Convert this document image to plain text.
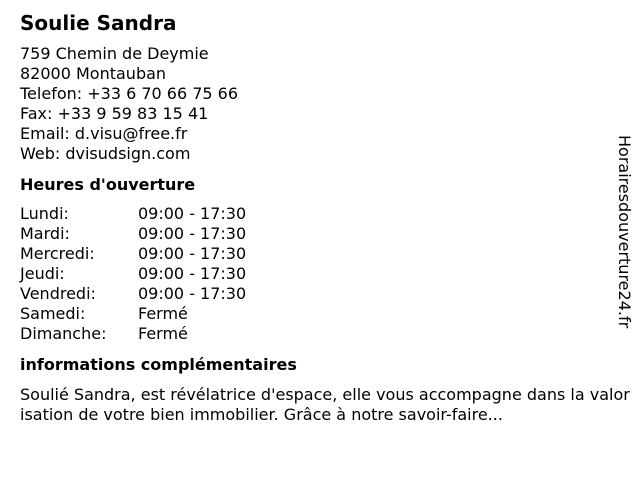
Soulie Sandra
759 Chemin de Deymie
82000 Montauban
Telefon: +33 6 70 66 75 66
Fax: +33 9 59 83 15 41
Email: d.visu@free.fr
Web: dvisudsign.com
Heures d'ouverture
Lundi:	09:00 - 17:30
Mardi:	09:00 - 17:30
Mercredi:	09:00 - 17:30
Jeudi:	09:00 - 17:30
Vendredi:	09:00 - 17:30
Samedi:	Fermé
Dimanche:	Fermé
informations complémentaires
Soulié Sandra, est révélatrice d'espace, elle vous accompagne dans la valorisation de votre bien immobilier. Grâce à notre savoir-faire...
Horairesdouverture24.fr
